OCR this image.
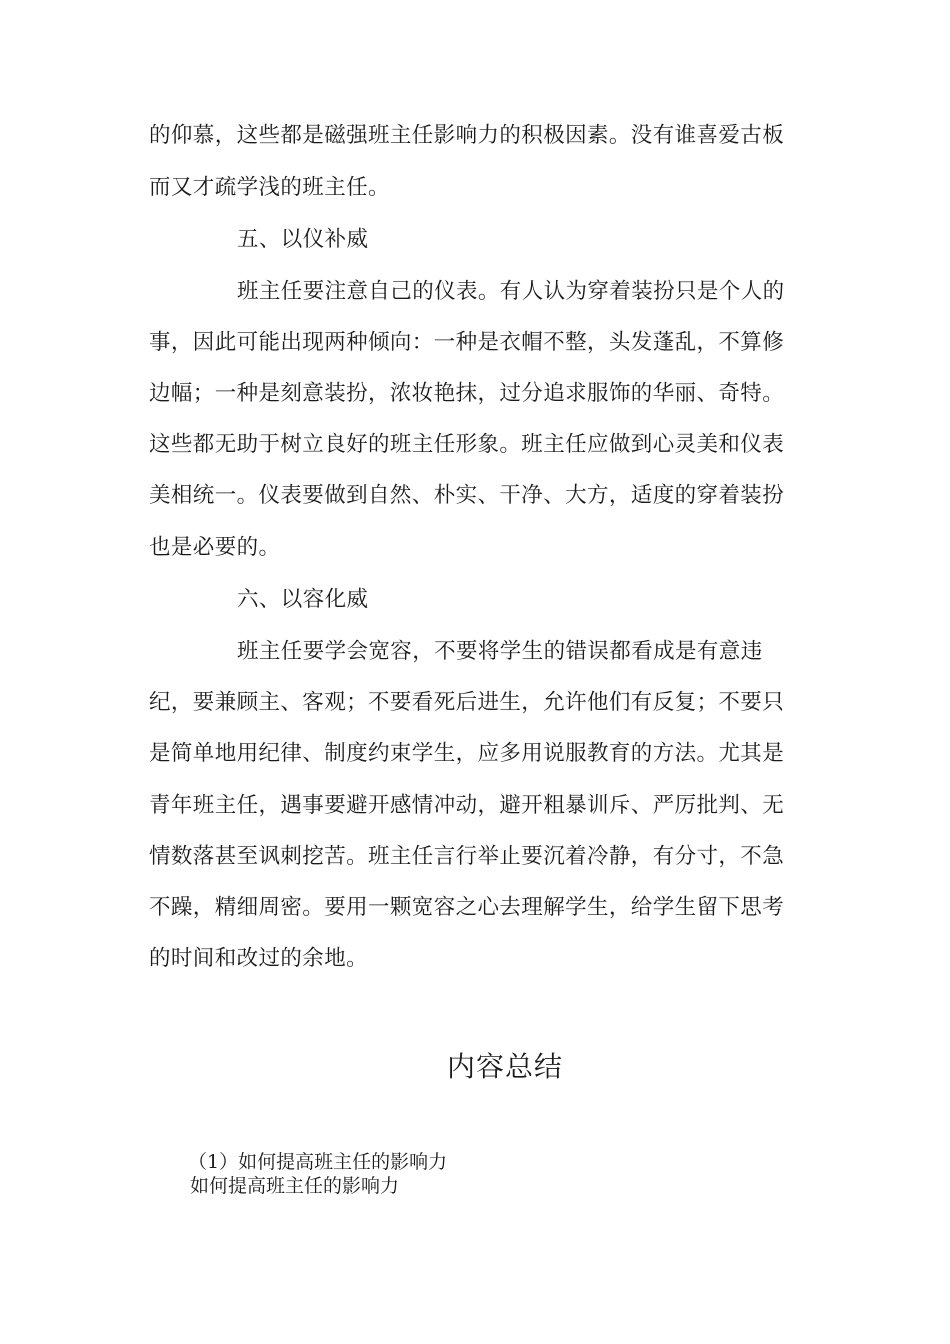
的仰慕，这些都是磁强班主任影响力的积极因素。没有谁喜爱古板
而又才疏学浅的班主任。
五、以仪补威
班主任要注意自己的仪表。有人认为穿着装扮只是个人的
事，因此可能出现两种倾向：一种是衣帽不整，头发蓬乱，不算修
边幅；一种是刻意装扮，浓妆艳抹，过分追求服饰的华丽、奇特。
这些都无助于树立良好的班主任形象。班主任应做到心灵美和仪表
美相统一。仪表要做到自然、朴实、干净、大方，适度的穿着装扮
也是必要的。
六、以容化威
班主任要学会宽容，不要将学生的错误都看成是有意违
纪，要兼顾主、客观；不要看死后进生，允许他们有反复；不要只
是简单地用纪律、制度约束学生，应多用说服教育的方法。尤其是
青年班主任，遇事要避开感情冲动，避开粗暴训斥、严厉批判、无
情数落甚至讽刺挖苦。班主任言行举止要沉着冷静，有分寸，不急
不躁，精细周密。要用一颗宽容之心去理解学生，给学生留下思考
的时间和改过的余地。
内容总结
（1）如何提高班主任的影响力
如何提高班主任的影响力
